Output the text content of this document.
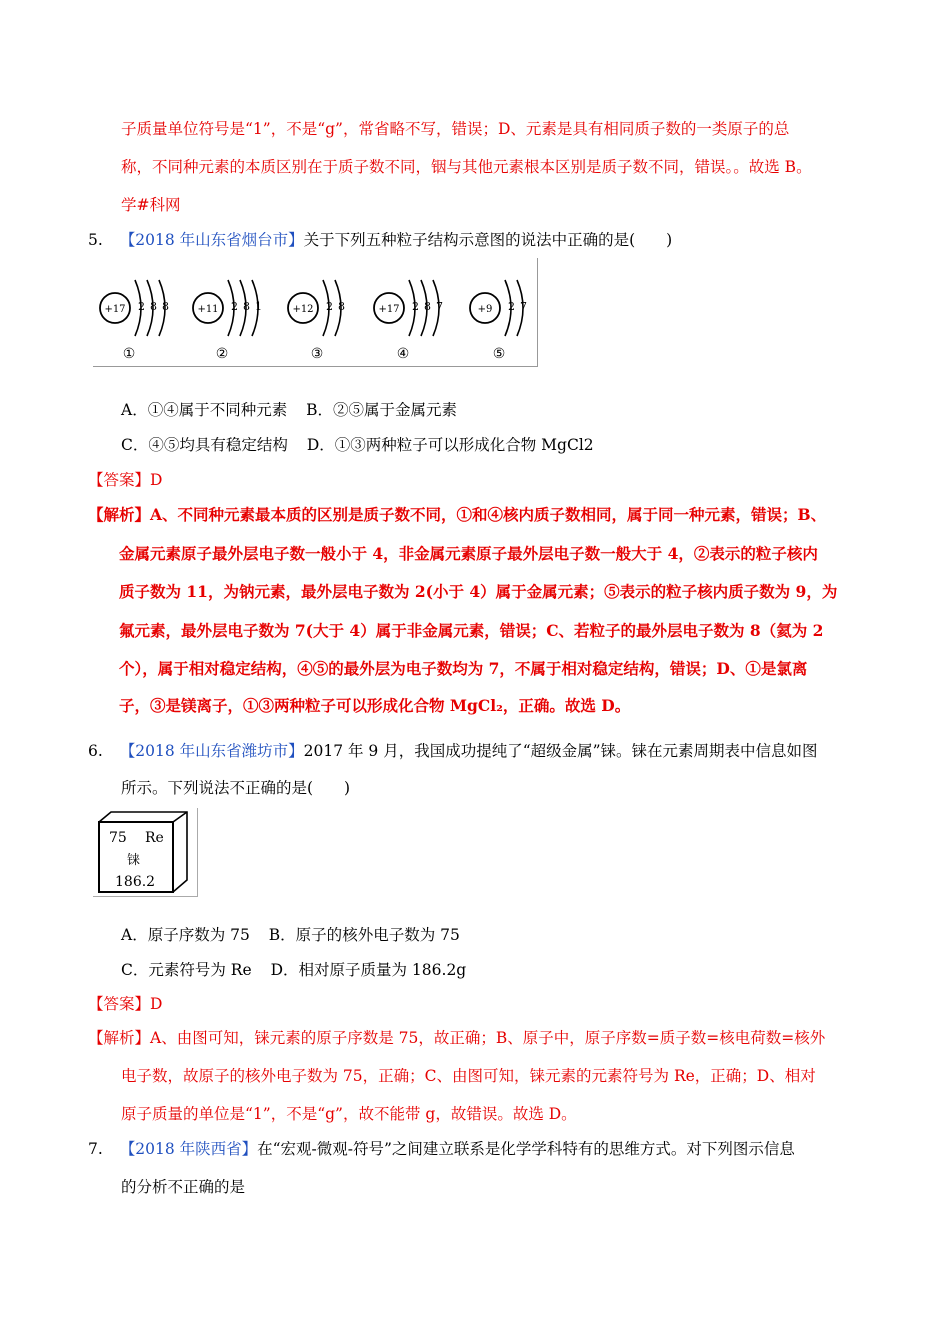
子质量单位符号是“1”，不是“g”，常省略不写，错误；D、元素是具有相同质子数的一类原子的总
称，不同种元素的本质区别在于质子数不同，铟与其他元素根本区别是质子数不同，错误。。故选 B。
学#科网
5. 【2018 年山东省烟台市】关于下列五种粒子结构示意图的说法中正确的是(　　)
+17 2 8 8
①
+11 2 8 1
②
+12 2 8
③
+17 2 8 7
④
+9 2 7
⑤
A．①④属于不同种元素 B．②⑤属于金属元素
C．④⑤均具有稳定结构 D．①③两种粒子可以形成化合物 MgCl2
【答案】D
【解析】A、不同种元素最本质的区别是质子数不同，①和④核内质子数相同，属于同一种元素，错误；B、
金属元素原子最外层电子数一般小于 4，非金属元素原子最外层电子数一般大于 4，②表示的粒子核内
质子数为 11，为钠元素，最外层电子数为 2(小于 4）属于金属元素；⑤表示的粒子核内质子数为 9，为
氟元素，最外层电子数为 7(大于 4）属于非金属元素，错误；C、若粒子的最外层电子数为 8（氦为 2
个），属于相对稳定结构，④⑤的最外层为电子数均为 7，不属于相对稳定结构，错误；D、①是氯离
子，③是镁离子，①③两种粒子可以形成化合物 MgCl₂，正确。故选 D。
6. 【2018 年山东省潍坊市】2017 年 9 月，我国成功提纯了“超级金属”铼。铼在元素周期表中信息如图
所示。下列说法不正确的是(　　)
75 Re
铼
186.2
A．原子序数为 75 B．原子的核外电子数为 75
C．元素符号为 Re D．相对原子质量为 186.2g
【答案】D
【解析】A、由图可知，铼元素的原子序数是 75，故正确；B、原子中，原子序数=质子数=核电荷数=核外
电子数，故原子的核外电子数为 75，正确；C、由图可知，铼元素的元素符号为 Re，正确；D、相对
原子质量的单位是“1”，不是“g”，故不能带 g，故错误。故选 D。
7. 【2018 年陕西省】在“宏观-微观-符号”之间建立联系是化学学科特有的思维方式。对下列图示信息
的分析不正确的是
